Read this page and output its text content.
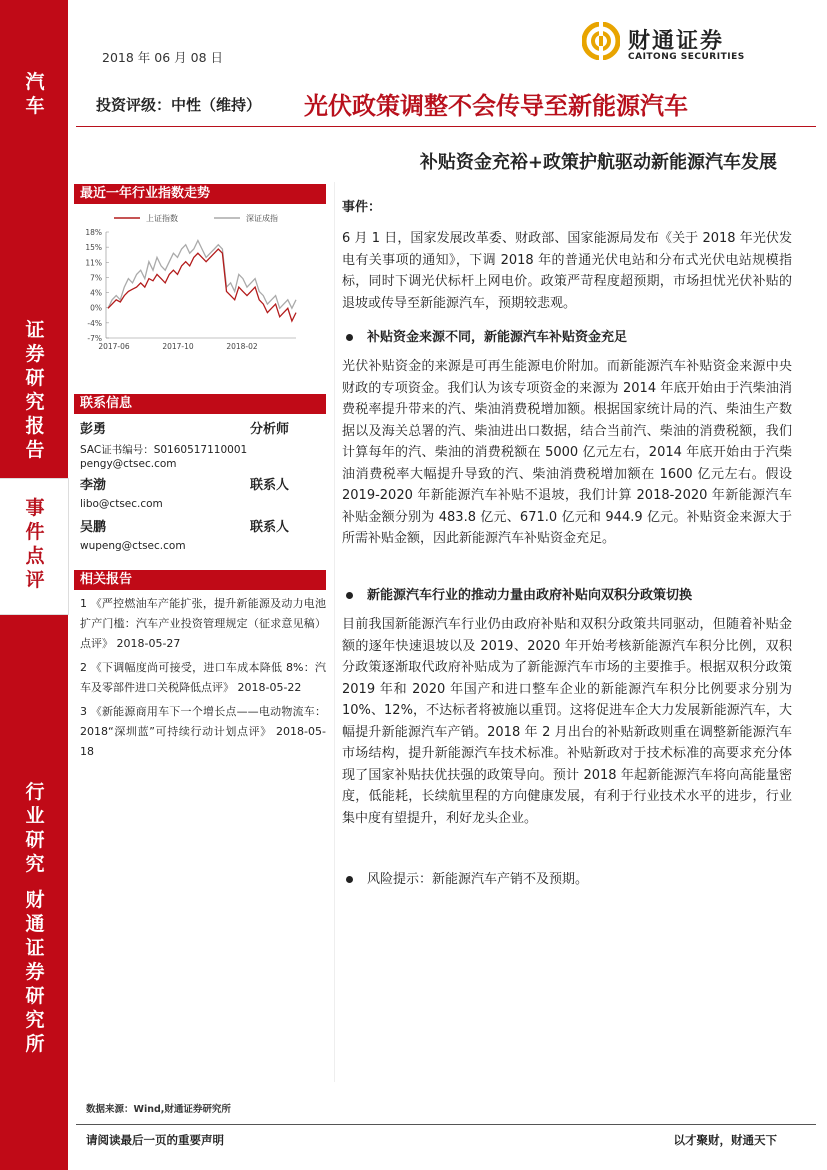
汽车
证券研究报告
事件点评
行业研究
财通证券研究所
2018 年 06 月 08 日
财通证券
CAITONG SECURITIES
投资评级：中性（维持） 光伏政策调整不会传导至新能源汽车
补贴资金充裕+政策护航驱动新能源汽车发展
最近一年行业指数走势
上证指数	深证成指
18%
15%
11%
7%
4%
0%
-4%
-7%
2017-06	2017-10	2018-02
联系信息
彭勇	分析师
SAC证书编号：S0160517110001
pengy@ctsec.com
李渤	联系人
libo@ctsec.com
吴鹏	联系人
wupeng@ctsec.com
相关报告

1 《严控燃油车产能扩张，提升新能源及动力电池扩产门槛：汽车产业投资管理规定（征求意见稿）点评》 2018-05-27

2 《下调幅度尚可接受，进口车成本降低 8%：汽车及零部件进口关税降低点评》 2018-05-22

3 《新能源商用车下一个增长点——电动物流车：2018“深圳蓝”可持续行动计划点评》 2018-05-18

事件：
6 月 1 日，国家发展改革委、财政部、国家能源局发布《关于 2018 年光伏发电有关事项的通知》，下调 2018 年的普通光伏电站和分布式光伏电站规模指标，同时下调光伏标杆上网电价。政策严苛程度超预期，市场担忧光伏补贴的退坡或传导至新能源汽车，预期较悲观。
补贴资金来源不同，新能源汽车补贴资金充足
光伏补贴资金的来源是可再生能源电价附加。而新能源汽车补贴资金来源中央财政的专项资金。我们认为该专项资金的来源为 2014 年底开始由于汽柴油消费税率提升带来的汽、柴油消费税增加额。根据国家统计局的汽、柴油生产数据以及海关总署的汽、柴油进出口数据，结合当前汽、柴油的消费税额，我们计算每年的汽、柴油的消费税额在 5000 亿元左右，2014 年底开始由于汽柴油消费税率大幅提升导致的汽、柴油消费税增加额在 1600 亿元左右。假设 2019-2020 年新能源汽车补贴不退坡，我们计算 2018-2020 年新能源汽车补贴金额分别为 483.8 亿元、671.0 亿元和 944.9 亿元。补贴资金来源大于所需补贴金额，因此新能源汽车补贴资金充足。
新能源汽车行业的推动力量由政府补贴向双积分政策切换
目前我国新能源汽车行业仍由政府补贴和双积分政策共同驱动，但随着补贴金额的逐年快速退坡以及 2019、2020 年开始考核新能源汽车积分比例，双积分政策逐渐取代政府补贴成为了新能源汽车市场的主要推手。根据双积分政策 2019 年和 2020 年国产和进口整车企业的新能源汽车积分比例要求分别为 10%、12%，不达标者将被施以重罚。这将促进车企大力发展新能源汽车，大幅提升新能源汽车产销。2018 年 2 月出台的补贴新政则重在调整新能源汽车市场结构，提升新能源汽车技术标准。补贴新政对于技术标准的高要求充分体现了国家补贴扶优扶强的政策导向。预计 2018 年起新能源汽车将向高能量密度，低能耗，长续航里程的方向健康发展，有利于行业技术水平的进步，行业集中度有望提升，利好龙头企业。
风险提示：新能源汽车产销不及预期。
数据来源：Wind,财通证券研究所
请阅读最后一页的重要声明	以才聚财，财通天下
